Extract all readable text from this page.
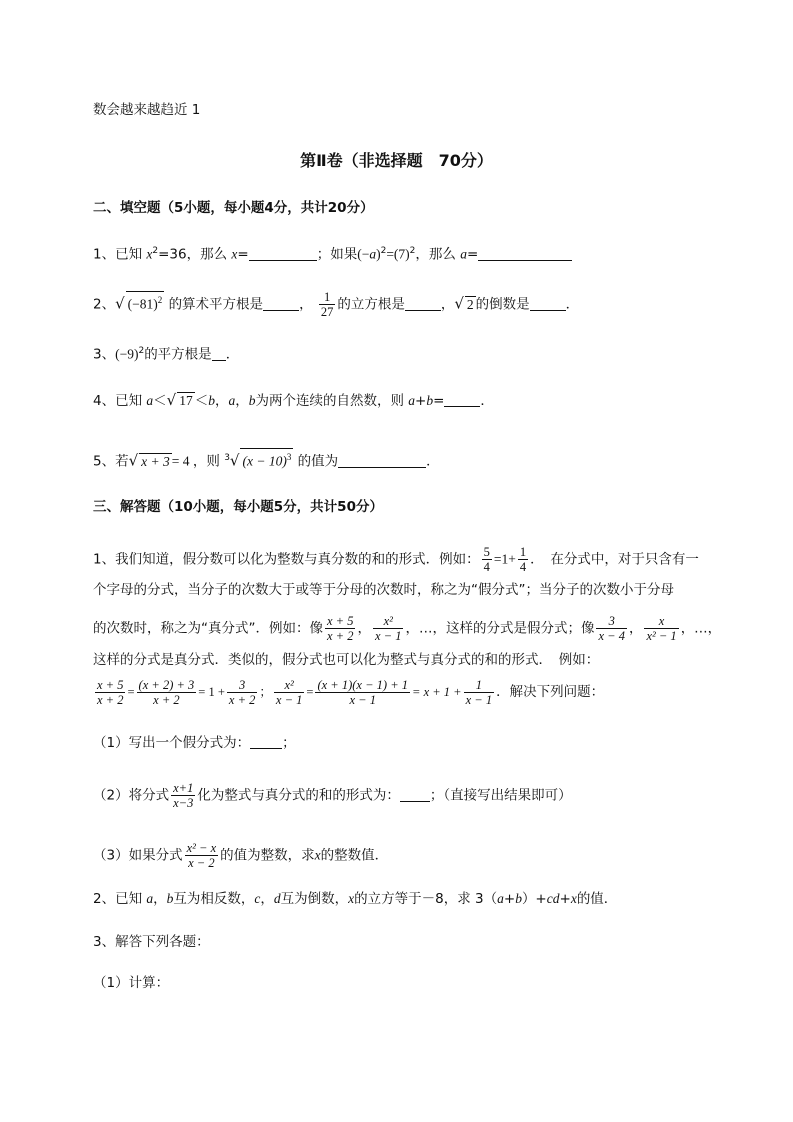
数会越来越趋近 1
第Ⅱ卷（非选择题　70分）
二、填空题（5小题，每小题4分，共计20分）
1、已知 $x^2=36$，那么 x=	；如果$(-a)^2=(7)^2$，那么 a=
2、√ $(-81)^2$ 的算术平方根是	， $\frac{1}{27}$ 的立方根是	，√ 2 的倒数是	．
3、$(-9)^2$的平方根是 ．
4、已知 a＜√ 17 ＜b，a，b为两个连续的自然数，则 a+b=	．
5、若√ x + 3 = 4 ，则 $^3$√ $(x - 10)^3$ 的值为	．
三、解答题（10小题，每小题5分，共计50分）
1、我们知道，假分数可以化为整数与真分数的和的形式．例如： $\frac{5}{4} =1+ \frac{1}{4}$ ．　在分式中，对于只含有一
个字母的分式，当分子的次数大于或等于分母的次数时，称之为“假分式”；当分子的次数小于分母
的次数时，称之为“真分式”．例如：像 $\frac{x + 5}{x + 2}$ ， $\frac{\text{x²}}{x - 1}$ ，…，这样的分式是假分式；像 $\frac{3}{x - 4}$ ， $\frac{x}{\text{x² − 1}}$ ，…，
这样的分式是真分式．类似的，假分式也可以化为整式与真分式的和的形式．　例如：
$\frac{x + 5}{x + 2} = \frac{(x + 2) + 3}{x + 2} = 1 + \frac{3}{x + 2}$ ； $\frac{\text{x²}}{x - 1} = \frac{(x + 1)(x - 1) + 1}{x - 1} = x + 1 + \frac{1}{x - 1}$ ．解决下列问题：
（1）写出一个假分式为： ；
（2）将分式 $\frac{x+1}{x-3}$ 化为整式与真分式的和的形式为： ；（直接写出结果即可）
（3）如果分式 $\frac{\text{x² − x}}{x - 2}$ 的值为整数，求x的整数值．
2、已知 a，b互为相反数，c，d互为倒数，x的立方等于－8，求 3（a+b）+cd+x的值．
3、解答下列各题：
（1）计算：
